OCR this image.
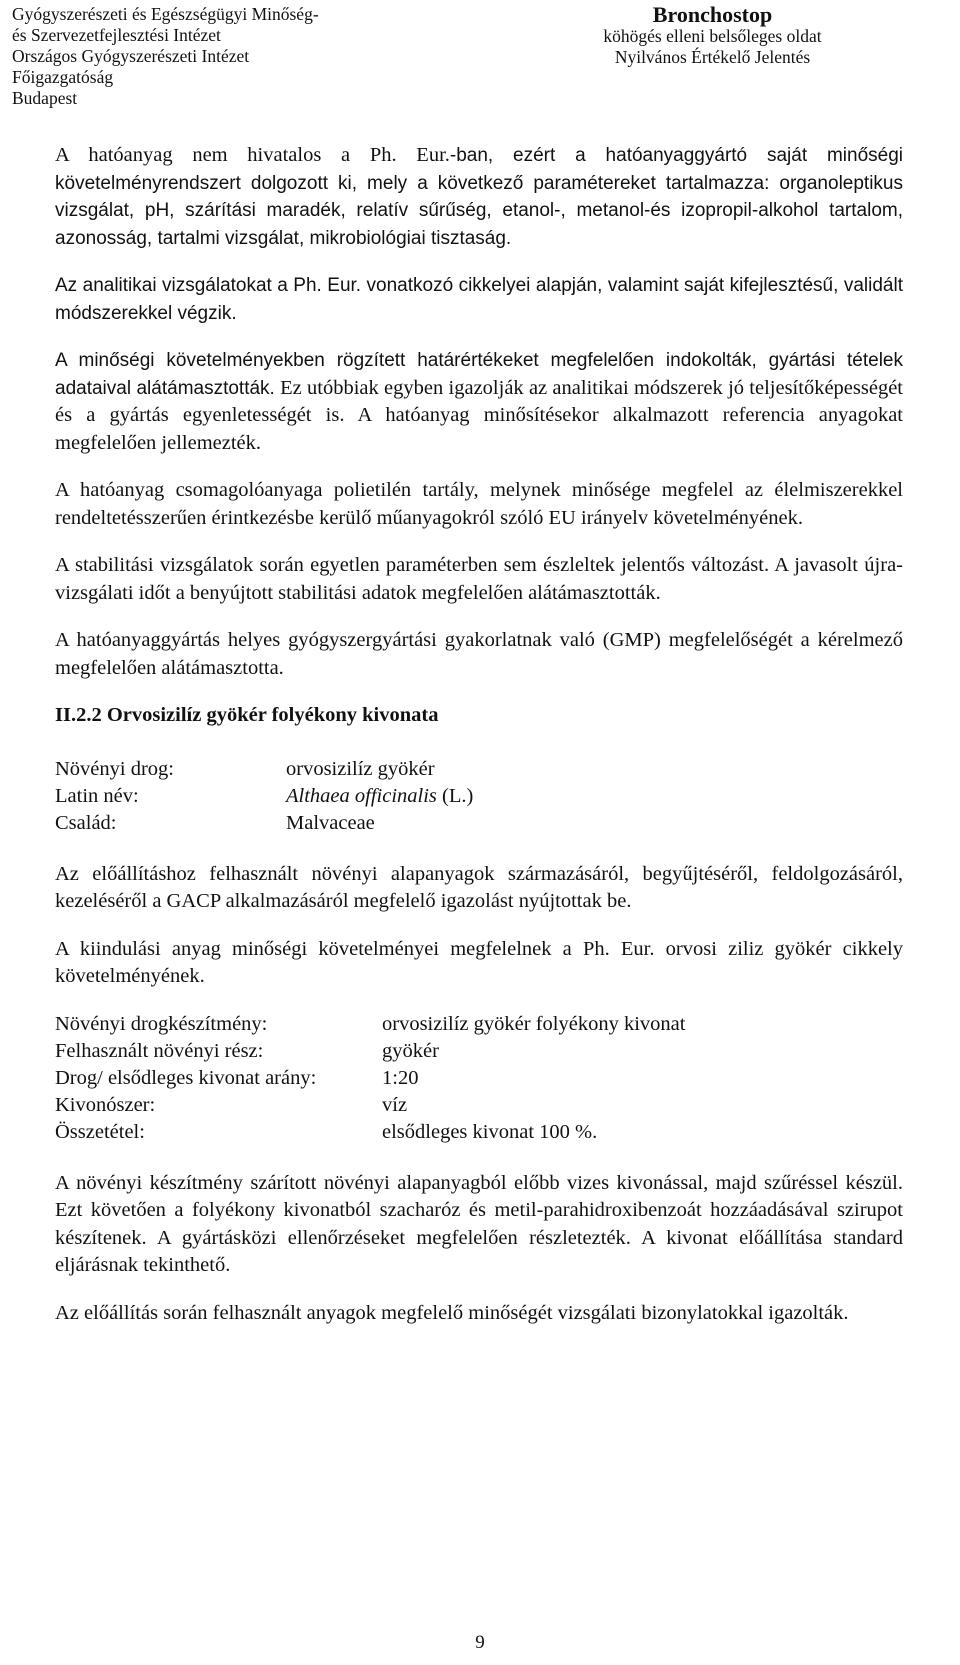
Gyógyszerészeti és Egészségügyi Minőség-
és Szervezetfejlesztési Intézet
Országos Gyógyszerészeti Intézet
Főigazgatóság
Budapest
Bronchostop
köhögés elleni belsőleges oldat
Nyilvános Értékelő Jelentés

A hatóanyag nem hivatalos a Ph. Eur.-ban, ezért a hatóanyaggyártó saját minőségi követelményrendszert dolgozott ki, mely a következő paramétereket tartalmazza: organoleptikus vizsgálat, pH, szárítási maradék, relatív sűrűség, etanol-, metanol-és izopropil-alkohol tartalom, azonosság, tartalmi vizsgálat, mikrobiológiai tisztaság.

Az analitikai vizsgálatokat a Ph. Eur. vonatkozó cikkelyei alapján, valamint saját kifejlesztésű, validált módszerekkel végzik.

A minőségi követelményekben rögzített határértékeket megfelelően indokolták, gyártási tételek adataival alátámasztották. Ez utóbbiak egyben igazolják az analitikai módszerek jó teljesítőképességét és a gyártás egyenletességét is. A hatóanyag minősítésekor alkalmazott referencia anyagokat megfelelően jellemezték.

A hatóanyag csomagolóanyaga polietilén tartály, melynek minősége megfelel az élelmiszerekkel rendeltetésszerűen érintkezésbe kerülő műanyagokról szóló EU irányelv követelményének.

A stabilitási vizsgálatok során egyetlen paraméterben sem észleltek jelentős változást. A javasolt újra-vizsgálati időt a benyújtott stabilitási adatok megfelelően alátámasztották.

A hatóanyaggyártás helyes gyógyszergyártási gyakorlatnak való (GMP) megfelelőségét a kérelmező megfelelően alátámasztotta.

II.2.2 Orvosizilíz gyökér folyékony kivonata
Növényi drog:	orvosizilíz gyökér
Latin név:	Althaea officinalis (L.)
Család:	Malvaceae

Az előállításhoz felhasznált növényi alapanyagok származásáról, begyűjtéséről, feldolgozásáról, kezeléséről a GACP alkalmazásáról megfelelő igazolást nyújtottak be.

A kiindulási anyag minőségi követelményei megfelelnek a Ph. Eur. orvosi ziliz gyökér cikkely követelményének.

Növényi drogkészítmény:	orvosizilíz gyökér folyékony kivonat
Felhasznált növényi rész:	gyökér
Drog/ elsődleges kivonat arány:	1:20
Kivonószer:	víz
Összetétel:	elsődleges kivonat 100 %.

A növényi készítmény szárított növényi alapanyagból előbb vizes kivonással, majd szűréssel készül. Ezt követően a folyékony kivonatból szacharóz és metil-parahidroxibenzoát hozzáadásával szirupot készítenek. A gyártásközi ellenőrzéseket megfelelően részletezték. A kivonat előállítása standard eljárásnak tekinthető.

Az előállítás során felhasznált anyagok megfelelő minőségét vizsgálati bizonylatokkal igazolták.

9
